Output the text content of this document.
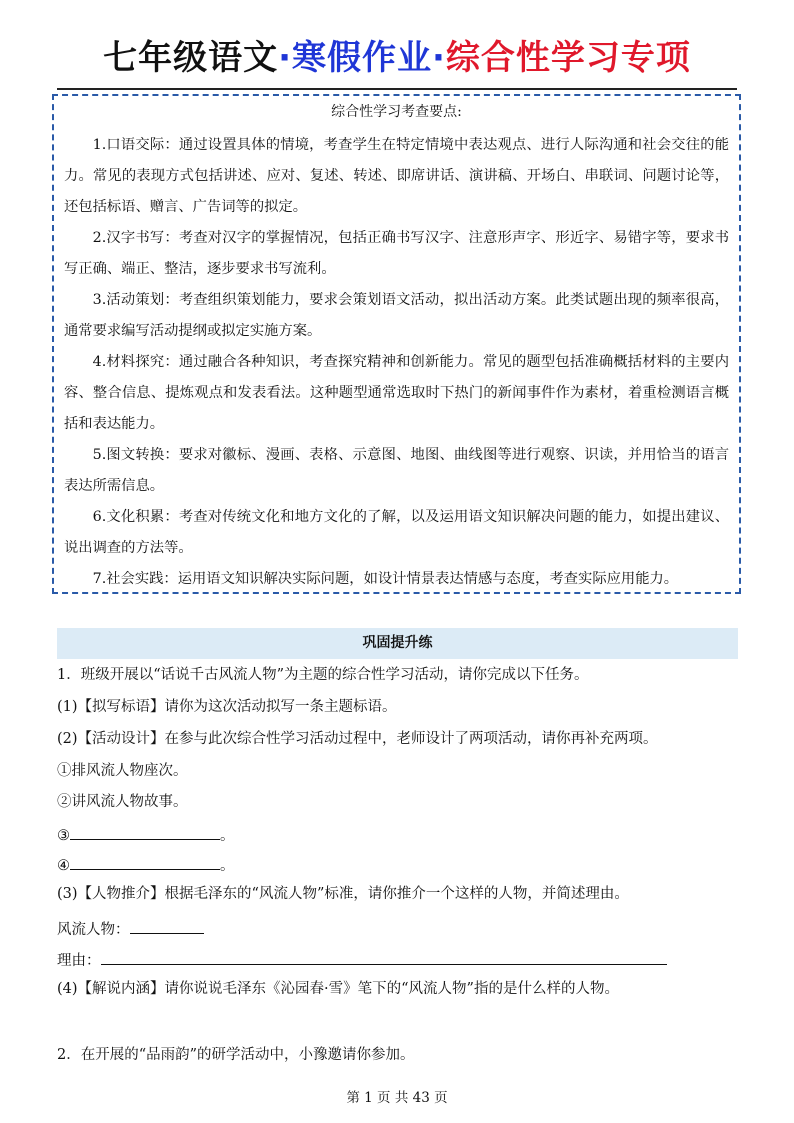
七年级语文·寒假作业·综合性学习专项
综合性学习考查要点:

1.口语交际：通过设置具体的情境，考查学生在特定情境中表达观点、进行人际沟通和社会交往的能力。常见的表现方式包括讲述、应对、复述、转述、即席讲话、演讲稿、开场白、串联词、问题讨论等，还包括标语、赠言、广告词等的拟定。

2.汉字书写：考查对汉字的掌握情况，包括正确书写汉字、注意形声字、形近字、易错字等，要求书写正确、端正、整洁，逐步要求书写流利。

3.活动策划：考查组织策划能力，要求会策划语文活动，拟出活动方案。此类试题出现的频率很高，通常要求编写活动提纲或拟定实施方案。

4.材料探究：通过融合各种知识，考查探究精神和创新能力。常见的题型包括准确概括材料的主要内容、整合信息、提炼观点和发表看法。这种题型通常选取时下热门的新闻事件作为素材，着重检测语言概括和表达能力。

5.图文转换：要求对徽标、漫画、表格、示意图、地图、曲线图等进行观察、识读，并用恰当的语言表达所需信息。

6.文化积累：考查对传统文化和地方文化的了解，以及运用语文知识解决问题的能力，如提出建议、说出调查的方法等。

7.社会实践：运用语文知识解决实际问题，如设计情景表达情感与态度，考查实际应用能力。

巩固提升练
1．班级开展以“话说千古风流人物”为主题的综合性学习活动，请你完成以下任务。
(1)【拟写标语】请你为这次活动拟写一条主题标语。
(2)【活动设计】在参与此次综合性学习活动过程中，老师设计了两项活动，请你再补充两项。
①排风流人物座次。
②讲风流人物故事。
③	。
④	。
(3)【人物推介】根据毛泽东的“风流人物”标准，请你推介一个这样的人物，并简述理由。
风流人物：
理由：
(4)【解说内涵】请你说说毛泽东《沁园春·雪》笔下的“风流人物”指的是什么样的人物。
2．在开展的“品雨韵”的研学活动中，小豫邀请你参加。
第 1 页 共 43 页
